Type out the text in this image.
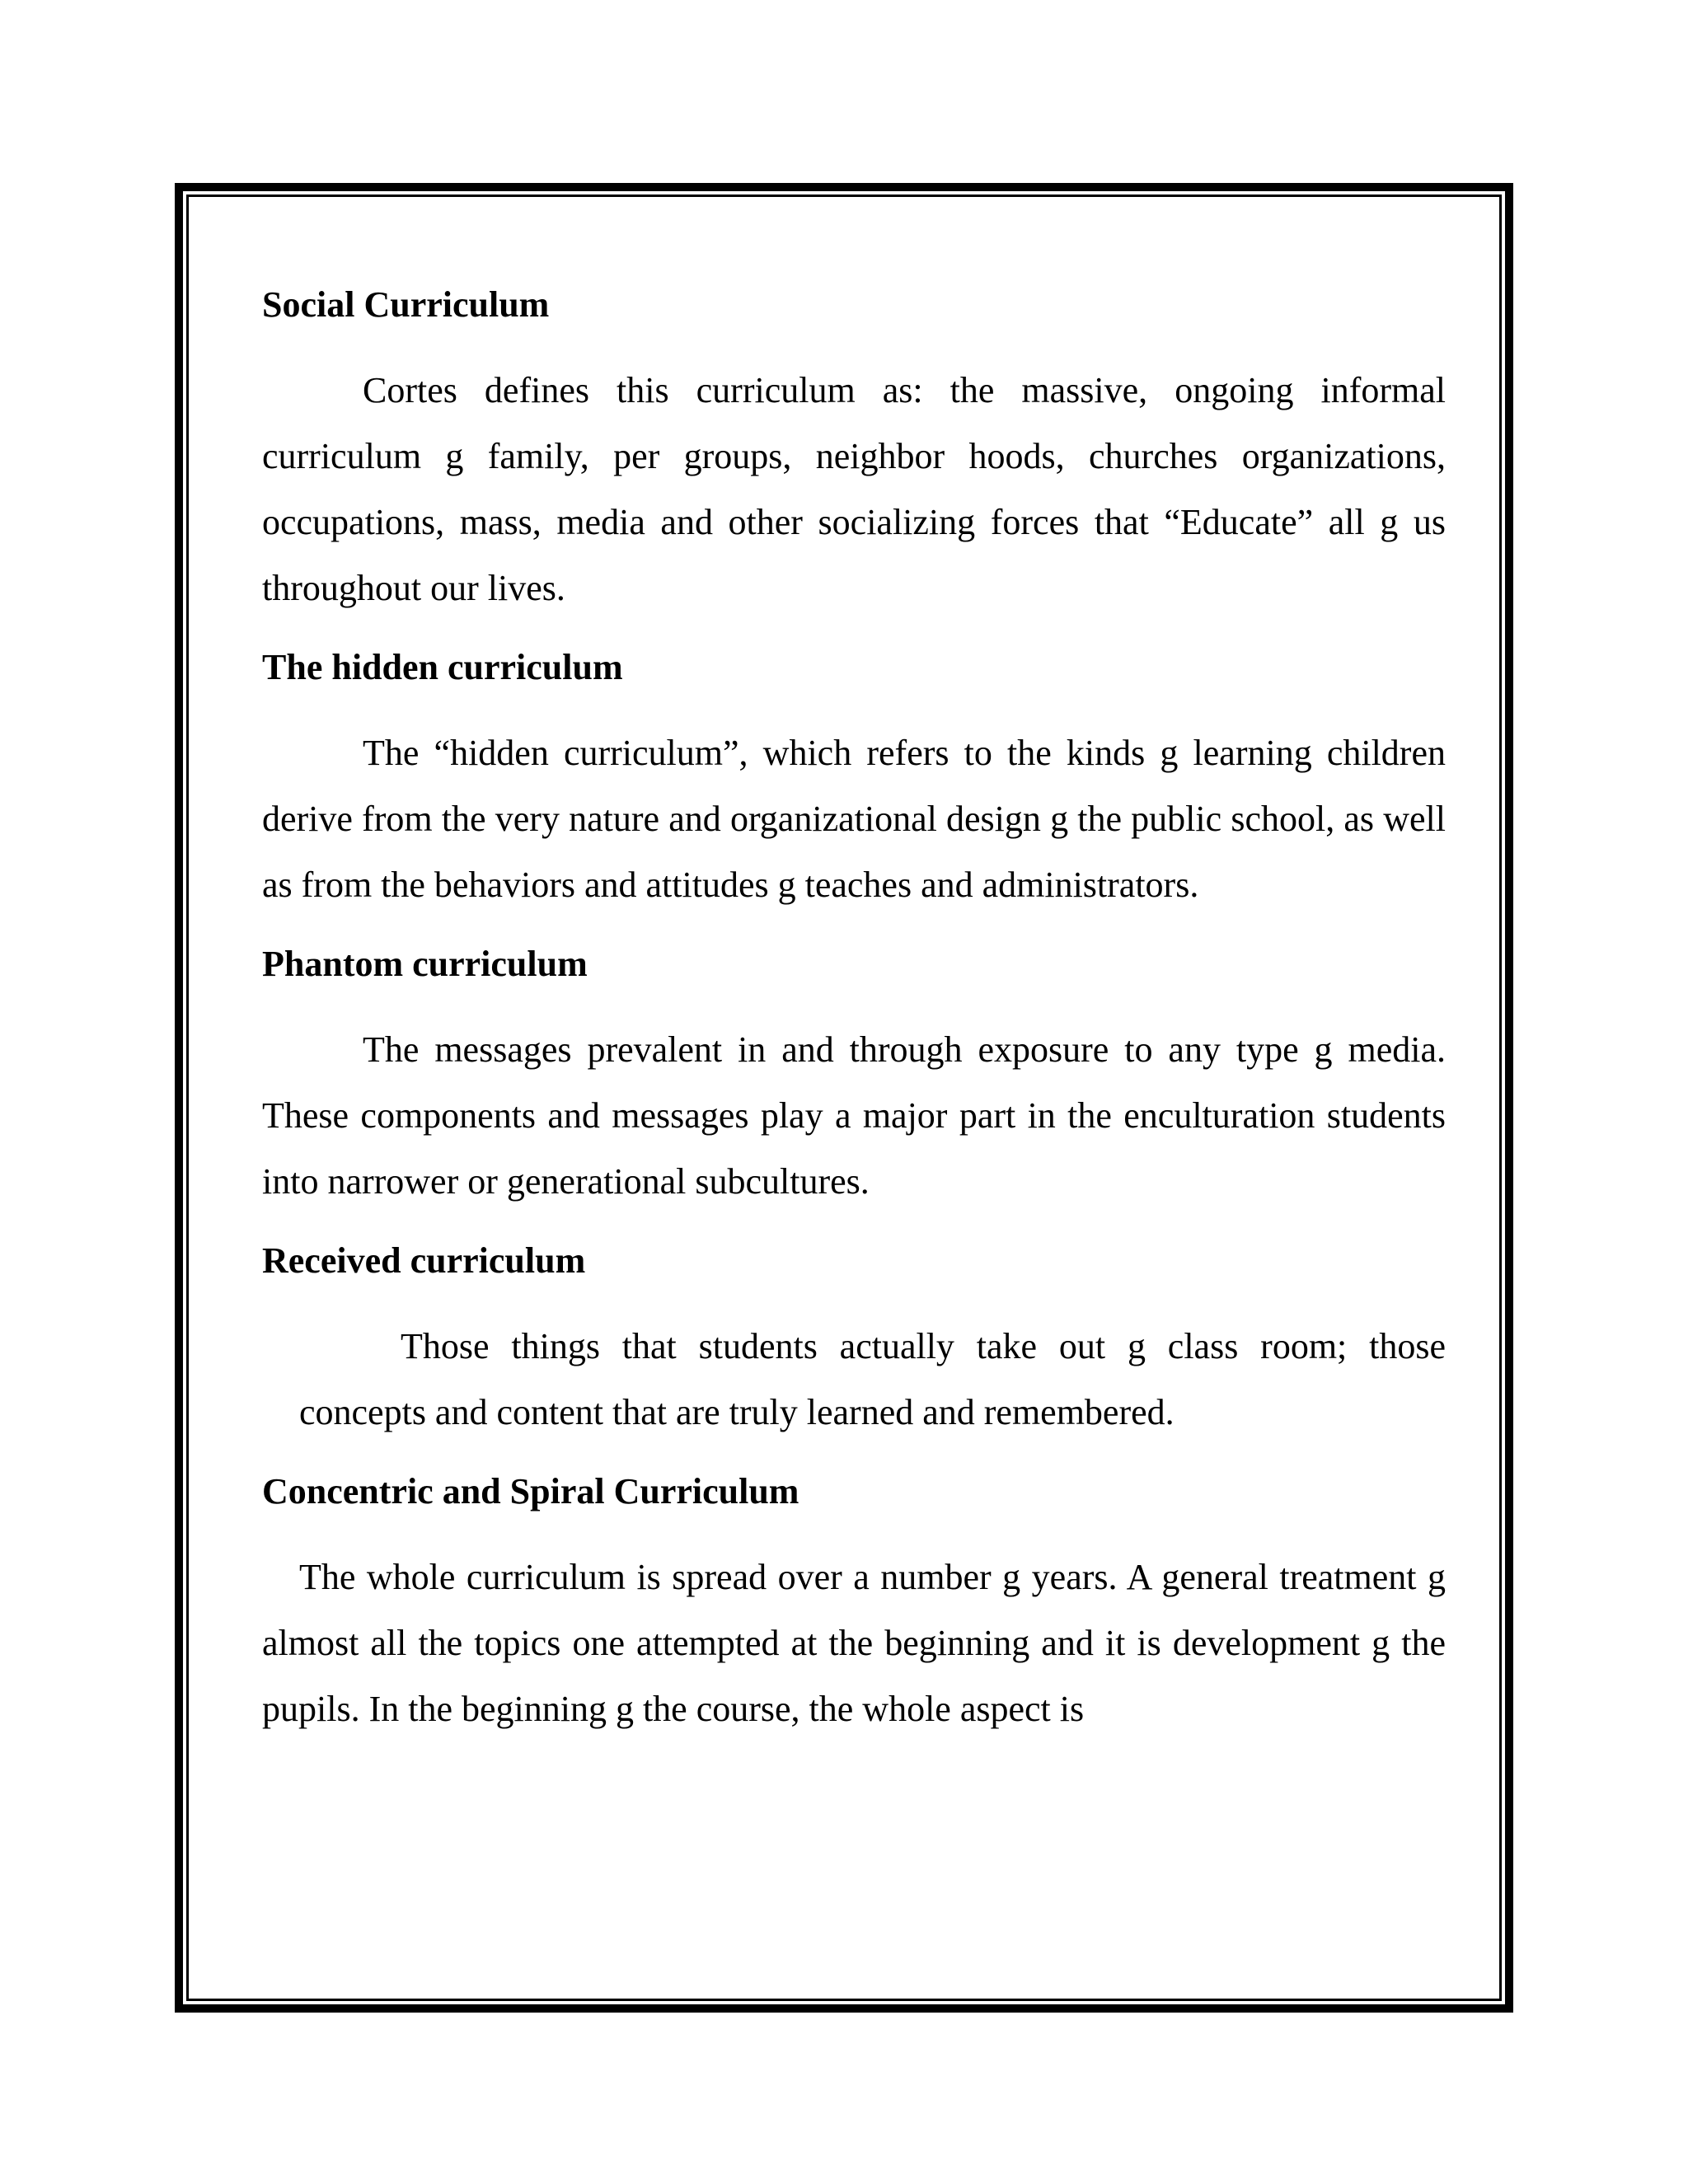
Social Curriculum

Cortes defines this curriculum as: the massive, ongoing informal curriculum g family, per groups, neighbor hoods, churches organizations, occupations, mass, media and other socializing forces that “Educate” all g us throughout our lives.

The hidden curriculum

The “hidden curriculum”, which refers to the kinds g learning children derive from the very nature and organizational design g the public school, as well as from the behaviors and attitudes g teaches and administrators.

Phantom curriculum

The messages prevalent in and through exposure to any type g media. These components and messages play a major part in the enculturation students into narrower or generational subcultures.

Received curriculum

Those things that students actually take out g class room; those concepts and content that are truly learned and remembered.

Concentric and Spiral Curriculum

The whole curriculum is spread over a number g years. A general treatment g almost all the topics one attempted at the beginning and it is development g the pupils. In the beginning g the course, the whole aspect is
